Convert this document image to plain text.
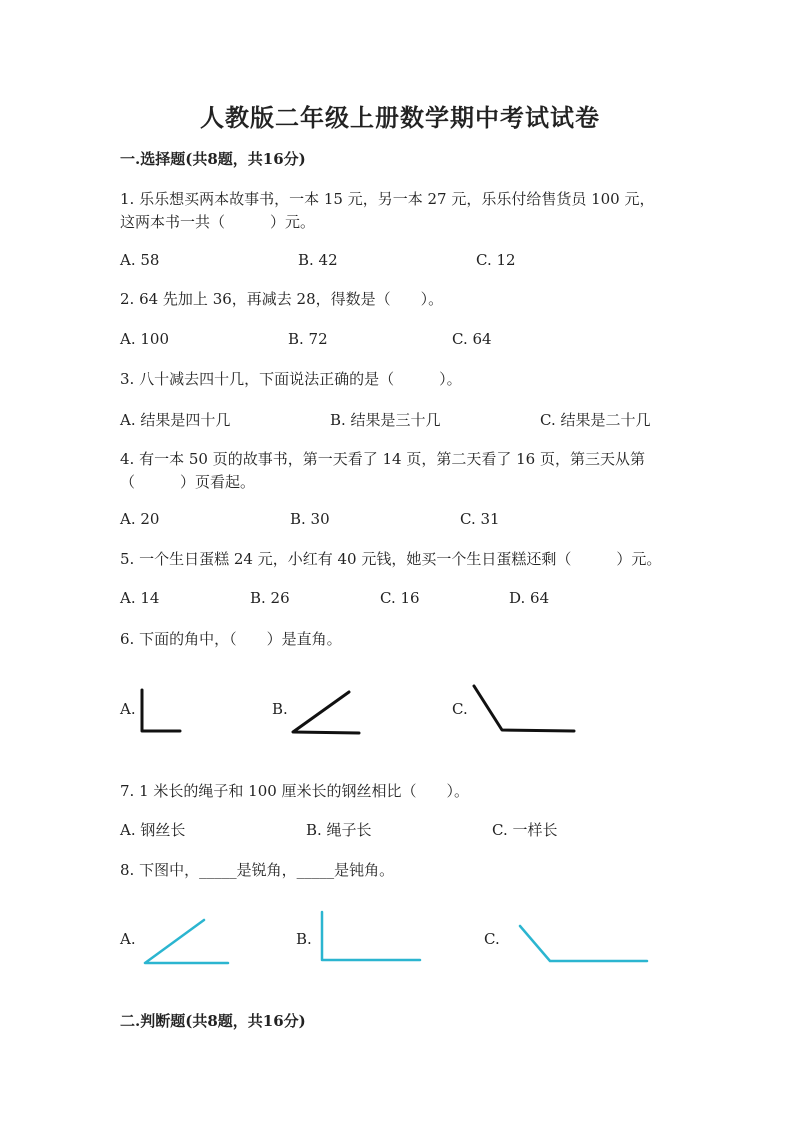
人教版二年级上册数学期中考试试卷
一.选择题(共8题，共16分)
1. 乐乐想买两本故事书，一本 15 元，另一本 27 元，乐乐付给售货员 100 元，
这两本书一共（　　　）元。
A. 58	B. 42	C. 12
2. 64 先加上 36，再减去 28，得数是（　　）。
A. 100	B. 72	C. 64
3. 八十减去四十几，下面说法正确的是（　　　）。
A. 结果是四十几	B. 结果是三十几	C. 结果是二十几
4. 有一本 50 页的故事书，第一天看了 14 页，第二天看了 16 页，第三天从第
（　　　）页看起。
A. 20	B. 30	C. 31
5. 一个生日蛋糕 24 元，小红有 40 元钱，她买一个生日蛋糕还剩（　　　）元。
A. 14	B. 26	C. 16	D. 64
6. 下面的角中，（　　）是直角。
A.	B.	C.
7. 1 米长的绳子和 100 厘米长的钢丝相比（　　）。
A. 钢丝长	B. 绳子长	C. 一样长
8. 下图中，_____是锐角，_____是钝角。
A.	B.	C.
二.判断题(共8题，共16分)
